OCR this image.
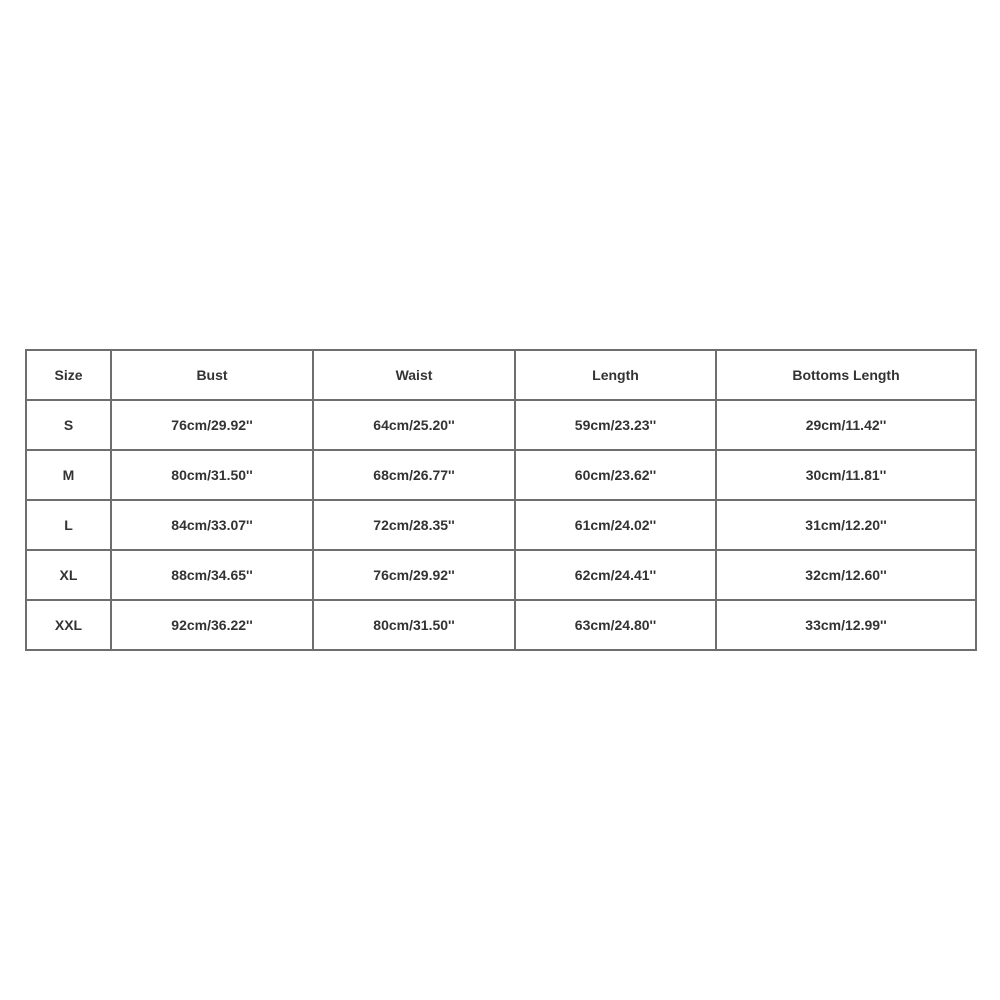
Size	Bust	Waist	Length	Bottoms Length
S	76cm/29.92''	64cm/25.20''	59cm/23.23''	29cm/11.42''
M	80cm/31.50''	68cm/26.77''	60cm/23.62''	30cm/11.81''
L	84cm/33.07''	72cm/28.35''	61cm/24.02''	31cm/12.20''
XL	88cm/34.65''	76cm/29.92''	62cm/24.41''	32cm/12.60''
XXL	92cm/36.22''	80cm/31.50''	63cm/24.80''	33cm/12.99''
